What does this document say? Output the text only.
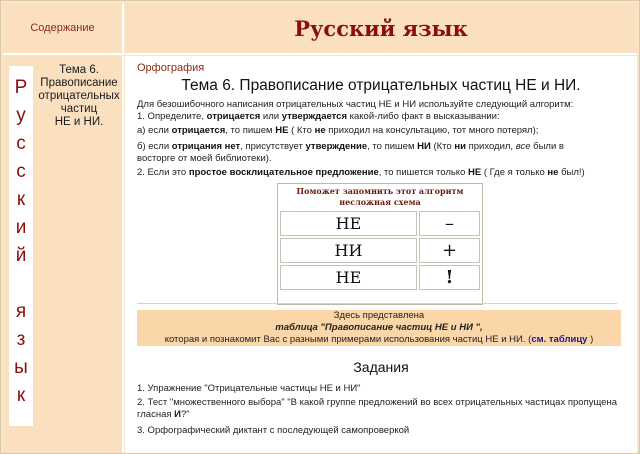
Содержание	Русский язык
Р
у
с
с
к
и
й
я
з
ы
к
Тема 6.
Правописание
отрицательных
частиц
НЕ и НИ.
Орфография
Тема 6. Правописание отрицательных частиц НЕ и НИ.
Для безошибочного написания отрицательных частиц НЕ и НИ используйте следующий алгоритм:
1. Определите, отрицается или утверждается какой-либо факт в высказывании:
а) если отрицается, то пишем НЕ ( Кто не приходил на консультацию, тот много потерял);
б) если отрицания нет, присутствует утверждение, то пишем НИ (Кто ни приходил, все были в
восторге от моей библиотеки).
2. Если это простое восклицательное предложение, то пишется только НЕ ( Где я только не был!)
Поможет запомнить этот алгоритм
несложная схема
НЕ	–
НИ	+
НЕ	!
Здесь представлена
таблица "Правописание частиц НЕ и НИ ",
которая и познакомит Вас с разными примерами использования частиц НЕ и НИ. (см. таблицу )
Задания
1. Упражнение "Отрицательные частицы НЕ и НИ"
2. Тест "множественного выбора" "В какой группе предложений во всех отрицательных частицах пропущена гласная И?"
3. Орфографический диктант с последующей самопроверкой
